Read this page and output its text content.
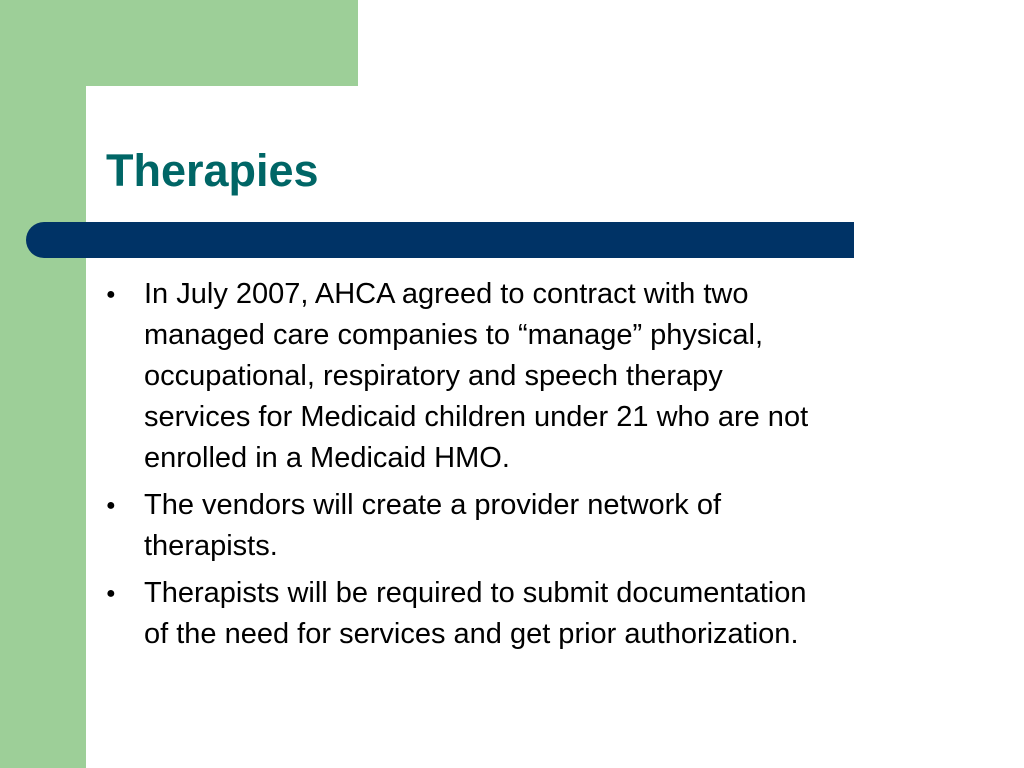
Therapies
● In July 2007, AHCA agreed to contract with two
managed care companies to “manage” physical,
occupational, respiratory and speech therapy
services for Medicaid children under 21 who are not
enrolled in a Medicaid HMO.
● The vendors will create a provider network of
therapists.
● Therapists will be required to submit documentation
of the need for services and get prior authorization.
